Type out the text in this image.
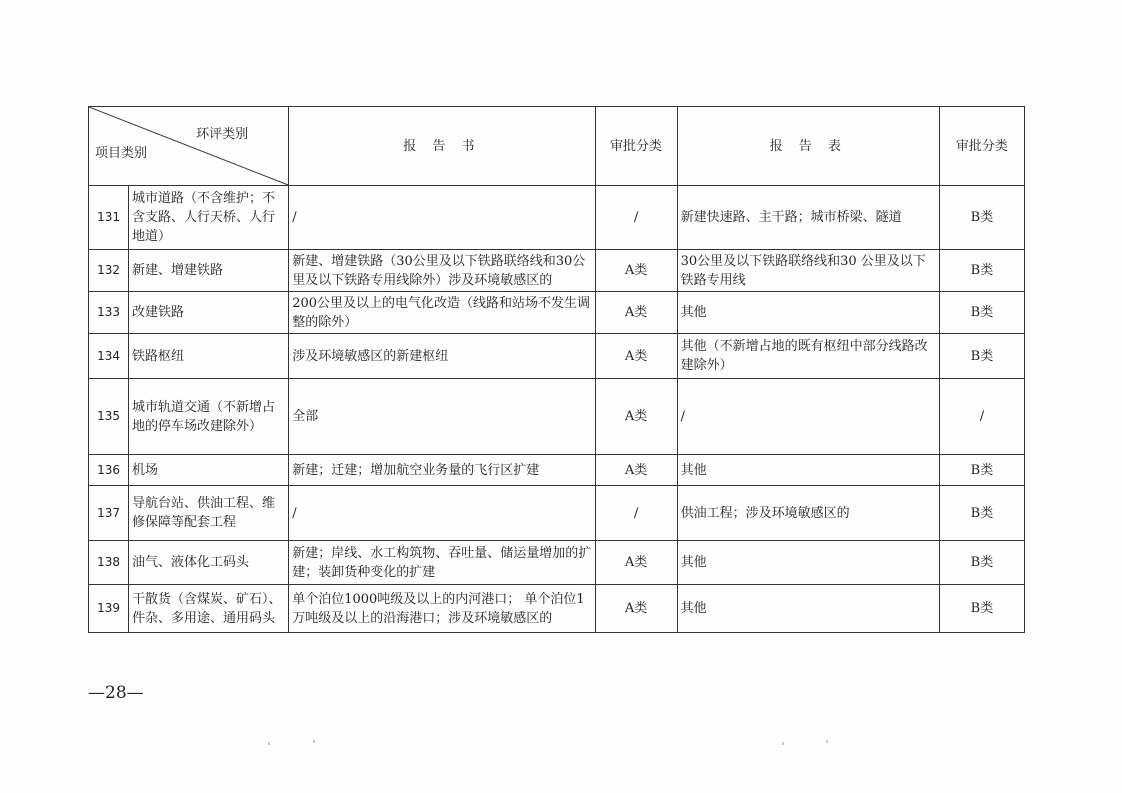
环评类别
项目类别		报 告 书	审批分类	报 告 表	审批分类
131	城市道路（不含维护；不含支路、人行天桥、人行地道）	/	/	新建快速路、主干路；城市桥梁、隧道	B类
132	新建、增建铁路	新建、增建铁路（30公里及以下铁路联络线和30公里及以下铁路专用线除外）涉及环境敏感区的	A类	30公里及以下铁路联络线和30 公里及以下铁路专用线	B类
133	改建铁路	200公里及以上的电气化改造（线路和站场不发生调整的除外）	A类	其他	B类
134	铁路枢纽	涉及环境敏感区的新建枢纽	A类	其他（不新增占地的既有枢纽中部分线路改建除外）	B类
135	城市轨道交通（不新增占地的停车场改建除外）	全部	A类	/	/
136	机场	新建；迁建；增加航空业务量的飞行区扩建	A类	其他	B类
137	导航台站、供油工程、维修保障等配套工程	/	/	供油工程；涉及环境敏感区的	B类
138	油气、液体化工码头	新建；岸线、水工构筑物、吞吐量、储运量增加的扩建；装卸货种变化的扩建	A类	其他	B类
139	干散货（含煤炭、矿石）、件杂、多用途、通用码头	单个泊位1000吨级及以上的内河港口； 单个泊位1万吨级及以上的沿海港口；涉及环境敏感区的	A类	其他	B类
—28—
